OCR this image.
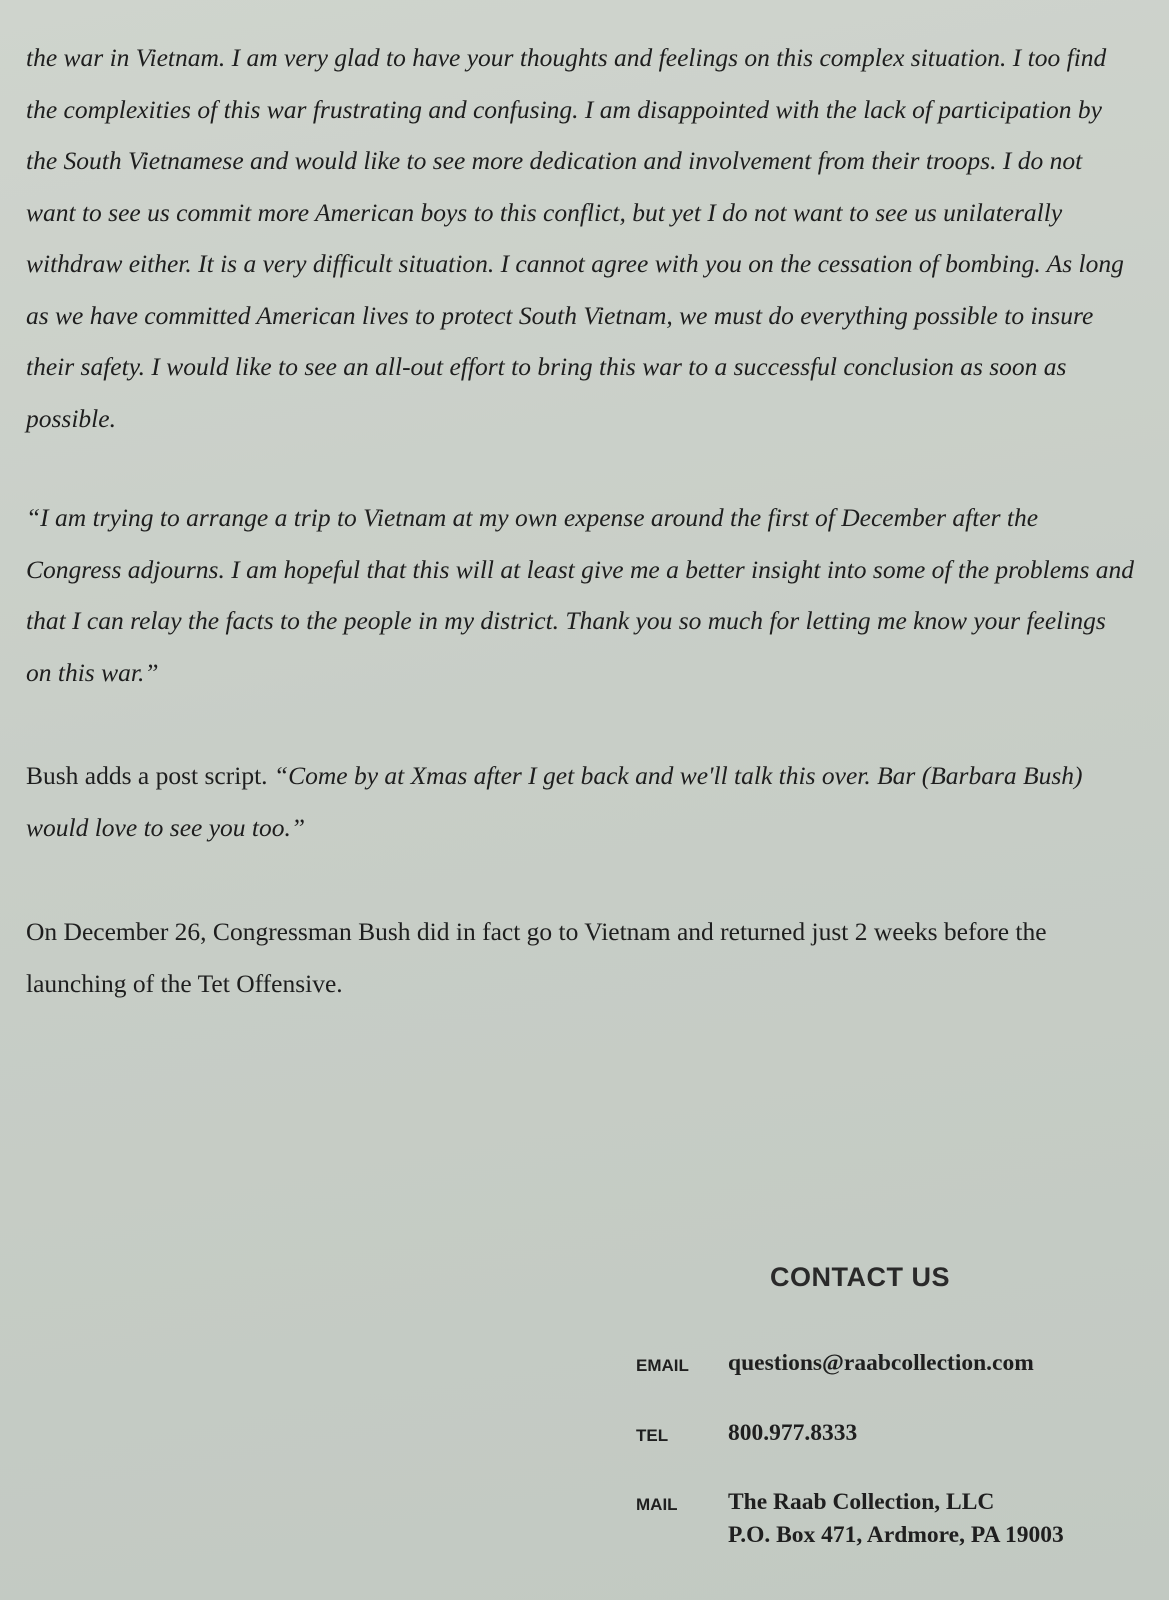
the war in Vietnam. I am very glad to have your thoughts and feelings on this complex situation. I too find the complexities of this war frustrating and confusing. I am disappointed with the lack of participation by the South Vietnamese and would like to see more dedication and involvement from their troops. I do not want to see us commit more American boys to this conflict, but yet I do not want to see us unilaterally withdraw either. It is a very difficult situation. I cannot agree with you on the cessation of bombing. As long as we have committed American lives to protect South Vietnam, we must do everything possible to insure their safety. I would like to see an all-out effort to bring this war to a successful conclusion as soon as possible.

“I am trying to arrange a trip to Vietnam at my own expense around the first of December after the Congress adjourns. I am hopeful that this will at least give me a better insight into some of the problems and that I can relay the facts to the people in my district. Thank you so much for letting me know your feelings on this war.”

Bush adds a post script. “Come by at Xmas after I get back and we'll talk this over. Bar (Barbara Bush) would love to see you too.”

On December 26, Congressman Bush did in fact go to Vietnam and returned just 2 weeks before the launching of the Tet Offensive.

CONTACT US
EMAIL questions@raabcollection.com
TEL	800.977.8333
MAIL The Raab Collection, LLC
P.O. Box 471, Ardmore, PA 19003
